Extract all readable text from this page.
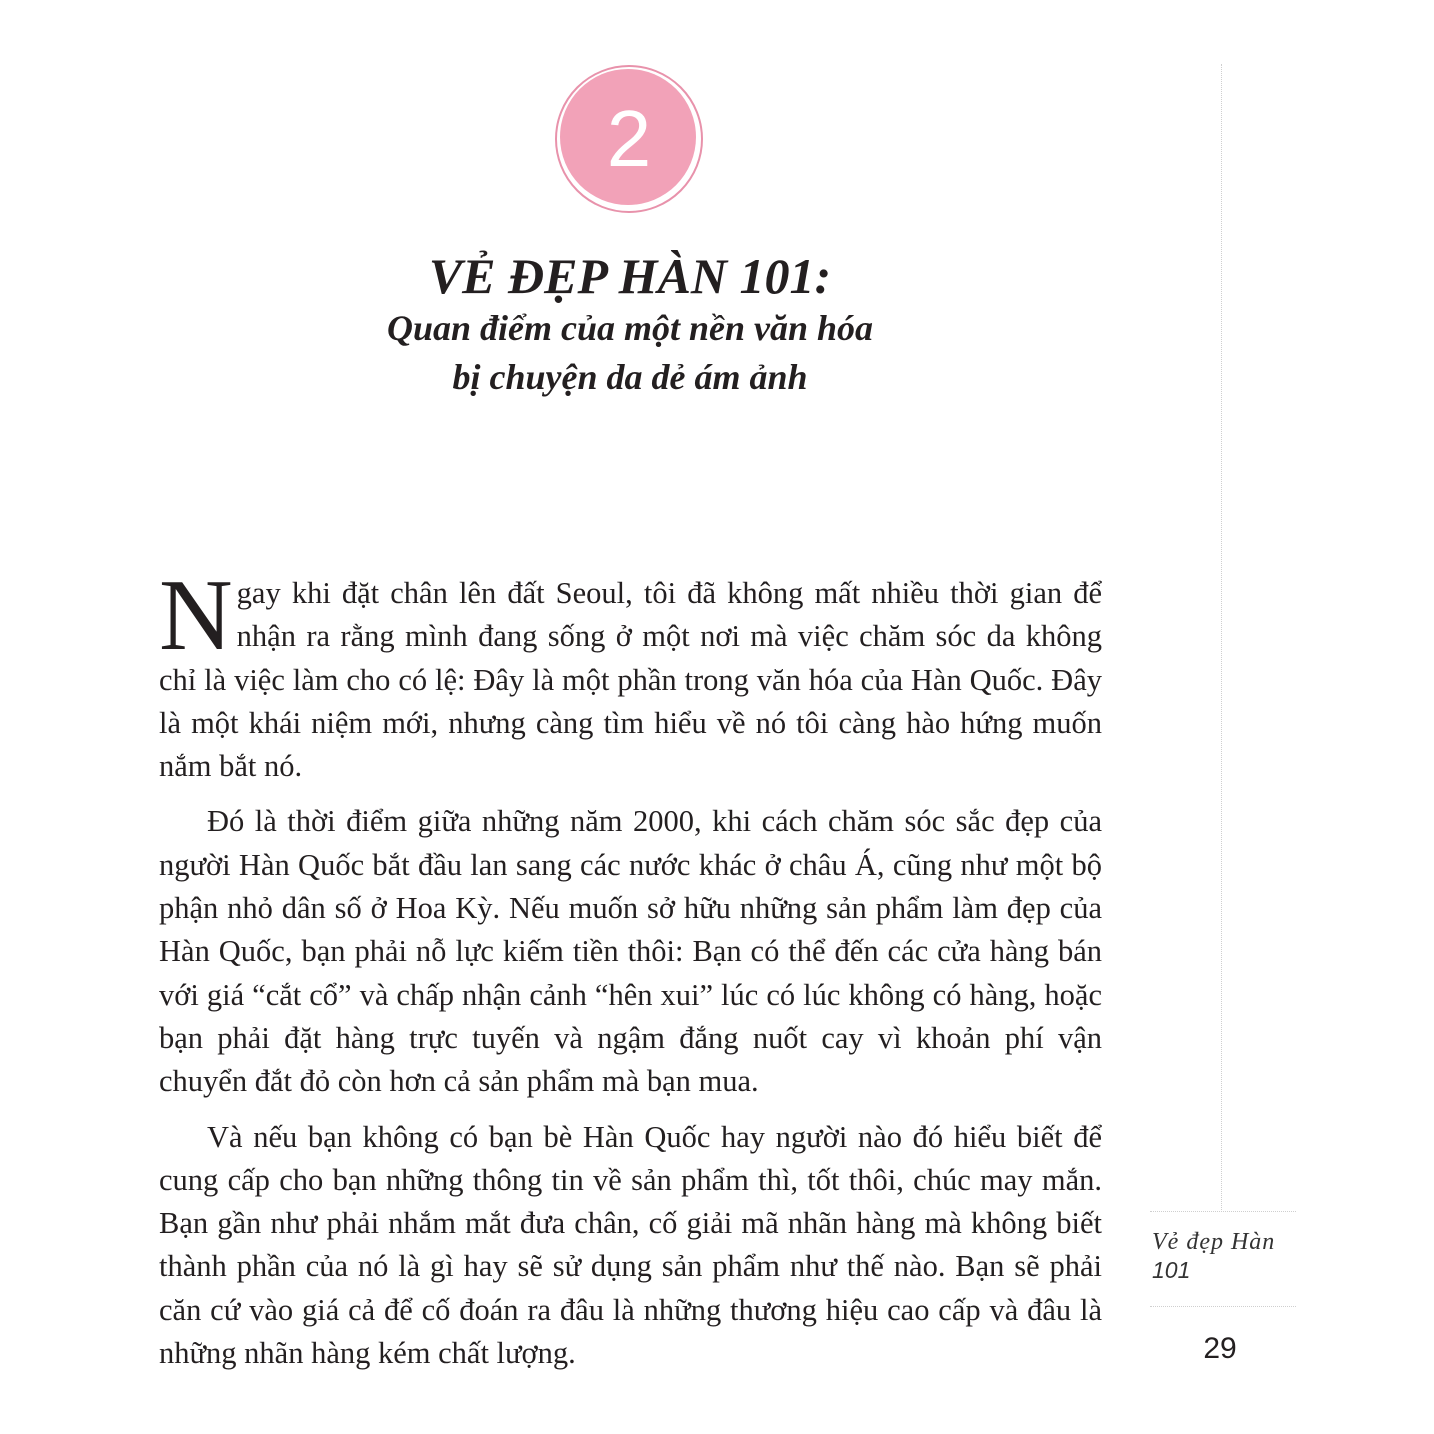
2
VẺ ĐẸP HÀN 101:
Quan điểm của một nền văn hóa
bị chuyện da dẻ ám ảnh

Ngay khi đặt chân lên đất Seoul, tôi đã không mất nhiều thời gian để nhận ra rằng mình đang sống ở một nơi mà việc chăm sóc da không chỉ là việc làm cho có lệ: Đây là một phần trong văn hóa của Hàn Quốc. Đây là một khái niệm mới, nhưng càng tìm hiểu về nó tôi càng hào hứng muốn nắm bắt nó.

Đó là thời điểm giữa những năm 2000, khi cách chăm sóc sắc đẹp của người Hàn Quốc bắt đầu lan sang các nước khác ở châu Á, cũng như một bộ phận nhỏ dân số ở Hoa Kỳ. Nếu muốn sở hữu những sản phẩm làm đẹp của Hàn Quốc, bạn phải nỗ lực kiếm tiền thôi: Bạn có thể đến các cửa hàng bán với giá “cắt cổ” và chấp nhận cảnh “hên xui” lúc có lúc không có hàng, hoặc bạn phải đặt hàng trực tuyến và ngậm đắng nuốt cay vì khoản phí vận chuyển đắt đỏ còn hơn cả sản phẩm mà bạn mua.

Và nếu bạn không có bạn bè Hàn Quốc hay người nào đó hiểu biết để cung cấp cho bạn những thông tin về sản phẩm thì, tốt thôi, chúc may mắn. Bạn gần như phải nhắm mắt đưa chân, cố giải mã nhãn hàng mà không biết thành phần của nó là gì hay sẽ sử dụng sản phẩm như thế nào. Bạn sẽ phải căn cứ vào giá cả để cố đoán ra đâu là những thương hiệu cao cấp và đâu là những nhãn hàng kém chất lượng.

Vẻ đẹp Hàn
101
29
